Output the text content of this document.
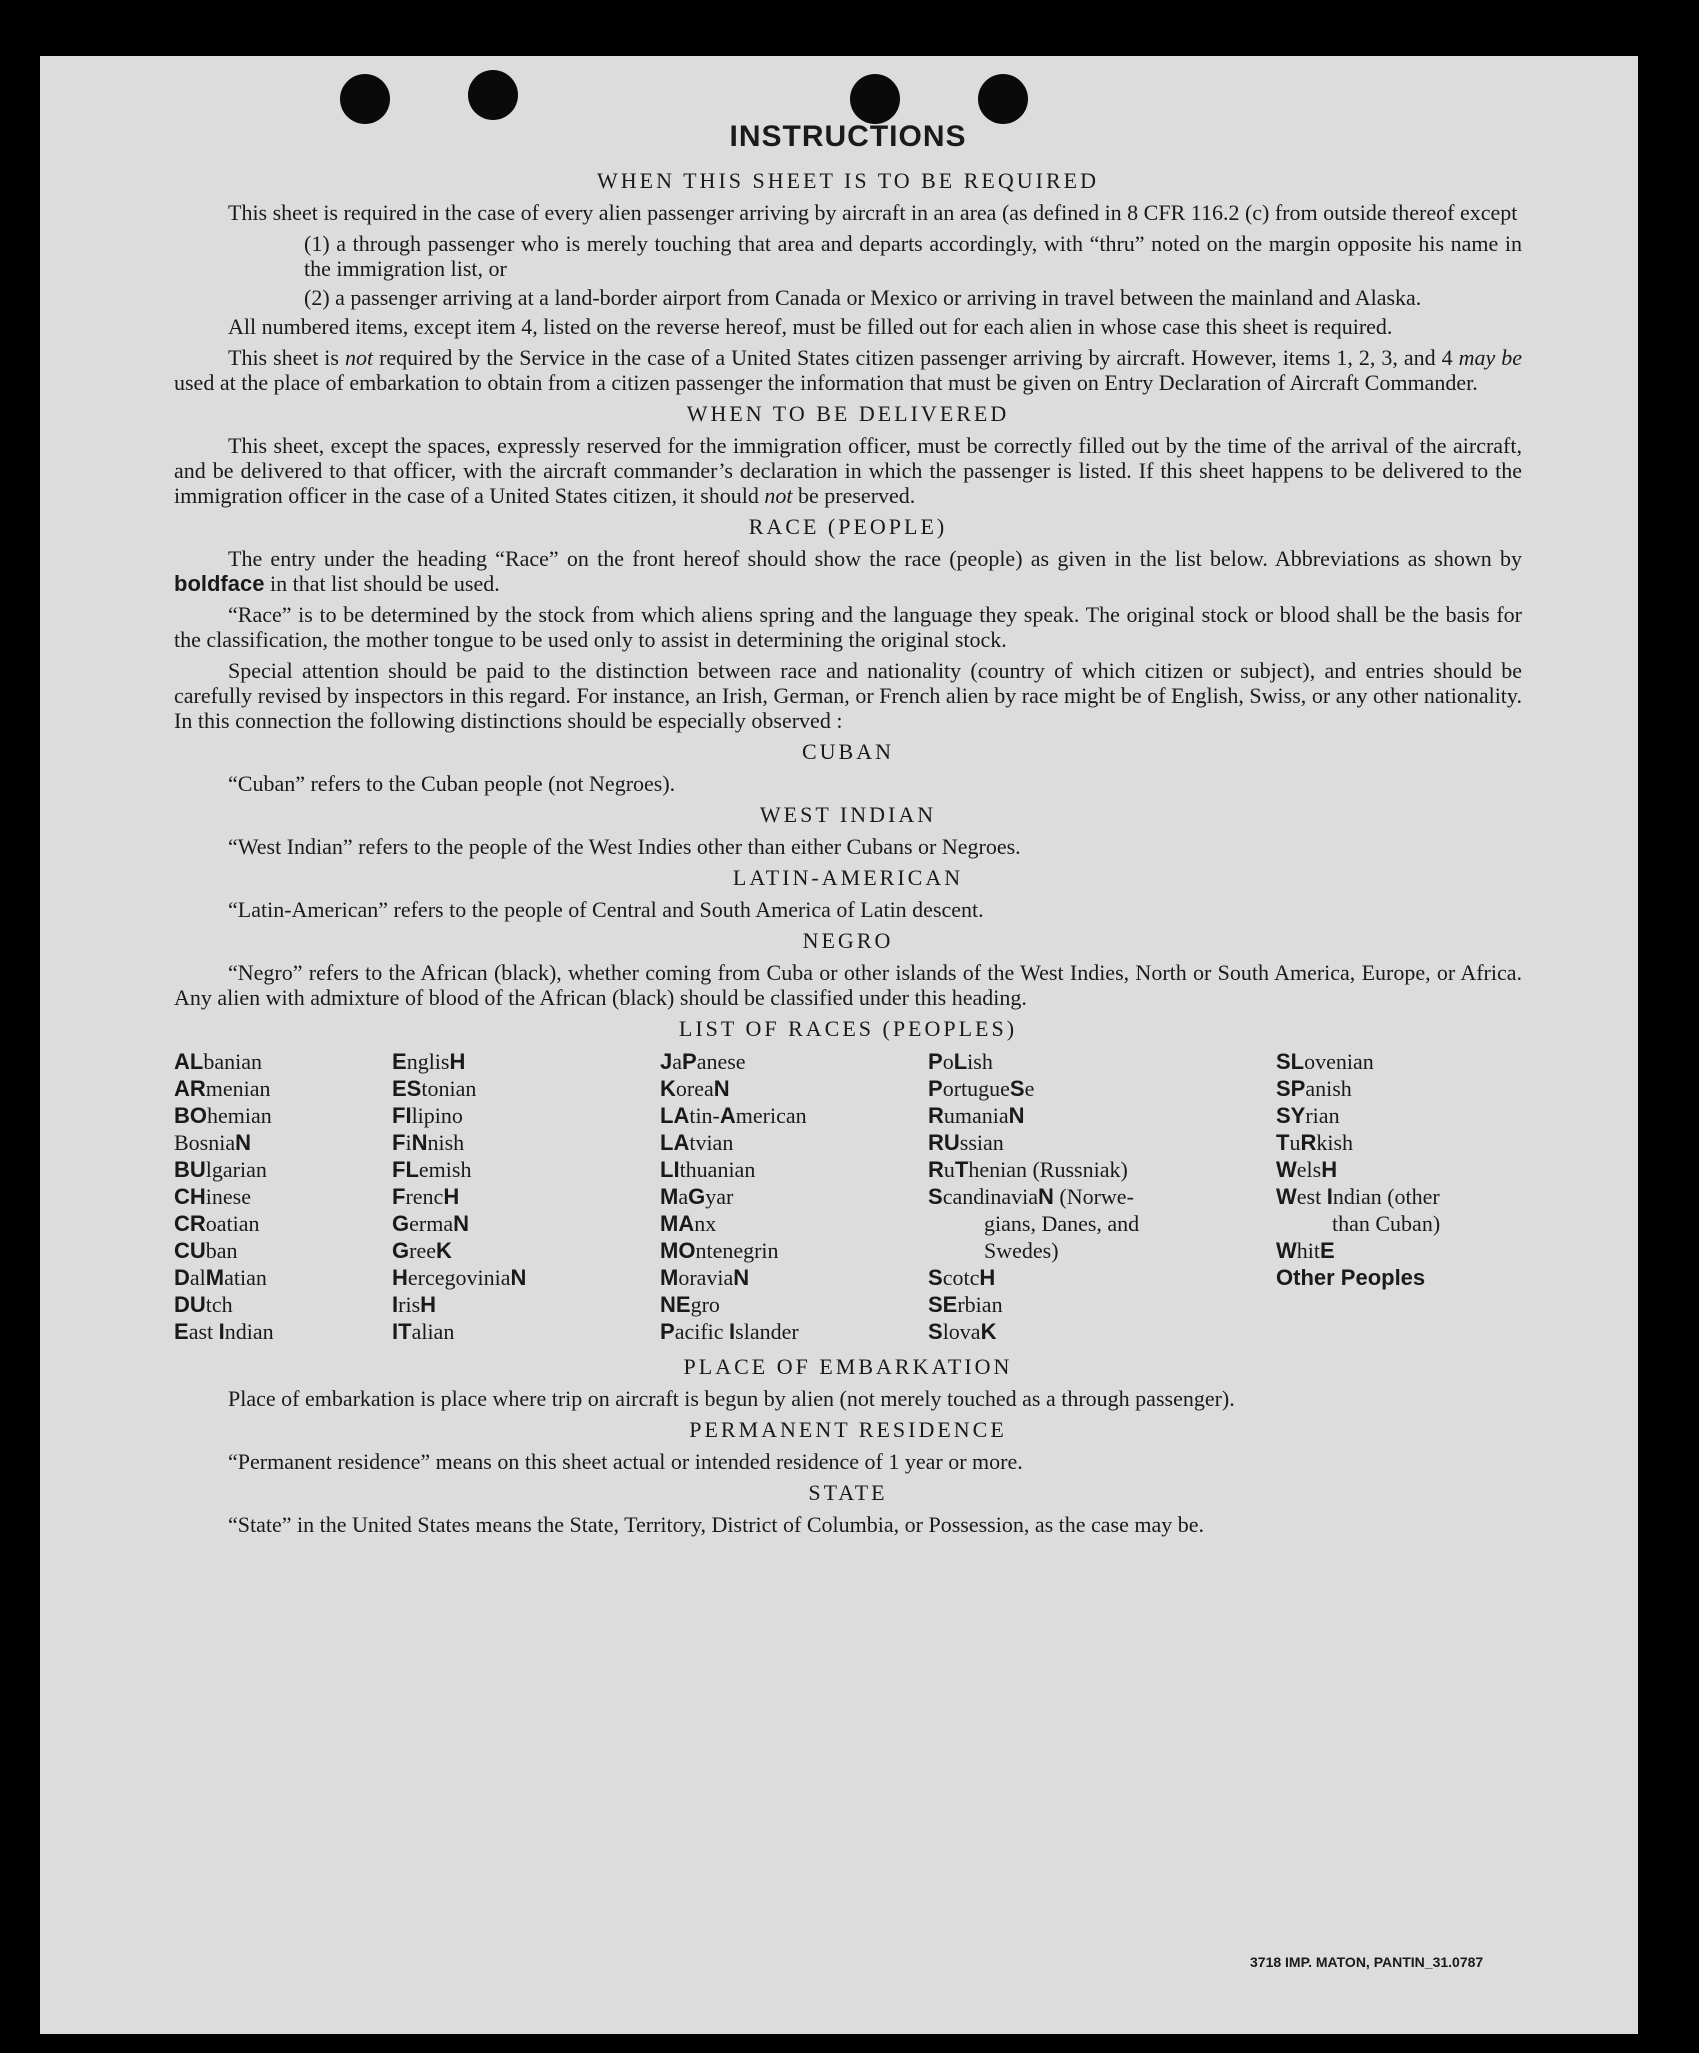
INSTRUCTIONS
WHEN THIS SHEET IS TO BE REQUIRED

This sheet is required in the case of every alien passenger arriving by aircraft in an area (as defined in 8 CFR 116.2 (c) from outside thereof except

(1) a through passenger who is merely touching that area and departs accordingly, with “thru” noted on the margin opposite his name in the immigration list, or

(2) a passenger arriving at a land-border airport from Canada or Mexico or arriving in travel between the mainland and Alaska.

All numbered items, except item 4, listed on the reverse hereof, must be filled out for each alien in whose case this sheet is required.

This sheet is not required by the Service in the case of a United States citizen passenger arriving by aircraft. However, items 1, 2, 3, and 4 may be used at the place of embarkation to obtain from a citizen passenger the information that must be given on Entry Declaration of Aircraft Commander.

WHEN TO BE DELIVERED

This sheet, except the spaces, expressly reserved for the immigration officer, must be correctly filled out by the time of the arrival of the aircraft, and be delivered to that officer, with the aircraft commander’s declaration in which the passenger is listed. If this sheet happens to be delivered to the immigration officer in the case of a United States citizen, it should not be preserved.

RACE (PEOPLE)

The entry under the heading “Race” on the front hereof should show the race (people) as given in the list below. Abbreviations as shown by boldface in that list should be used.

“Race” is to be determined by the stock from which aliens spring and the language they speak. The original stock or blood shall be the basis for the classification, the mother tongue to be used only to assist in determining the original stock.

Special attention should be paid to the distinction between race and nationality (country of which citizen or subject), and entries should be carefully revised by inspectors in this regard. For instance, an Irish, German, or French alien by race might be of English, Swiss, or any other nationality. In this connection the following distinctions should be especially observed :

CUBAN

“Cuban” refers to the Cuban people (not Negroes).

WEST INDIAN

“West Indian” refers to the people of the West Indies other than either Cubans or Negroes.

LATIN-AMERICAN

“Latin-American” refers to the people of Central and South America of Latin descent.

NEGRO

“Negro” refers to the African (black), whether coming from Cuba or other islands of the West Indies, North or South America, Europe, or Africa. Any alien with admixture of blood of the African (black) should be classified under this heading.

LIST OF RACES (PEOPLES)
ALbanian
ARmenian
BOhemian
BosniaN
BUlgarian
CHinese
CRoatian
CUban
DalMatian
DUtch
East Indian
EnglisH
EStonian
FIlipino
FiNnish
FLemish
FrencH
GermaN
GreeK
HercegoviniaN
IrisH
ITalian
JaPanese
KoreaN
LAtin-American
LAtvian
LIthuanian
MaGyar
MAnx
MOntenegrin
MoraviaN
NEgro
Pacific Islander
PoLish
PortugueSe
RumaniaN
RUssian
RuThenian (Russniak)
ScandinaviaN (Norwe-
gians, Danes, and
Swedes)
ScotcH
SErbian
SlovaK
SLovenian
SPanish
SYrian
TuRkish
WelsH
West Indian (other
than Cuban)
WhitE
Other Peoples
PLACE OF EMBARKATION

Place of embarkation is place where trip on aircraft is begun by alien (not merely touched as a through passenger).

PERMANENT RESIDENCE

“Permanent residence” means on this sheet actual or intended residence of 1 year or more.

STATE

“State” in the United States means the State, Territory, District of Columbia, or Possession, as the case may be.

3718 IMP. MATON, PANTIN_31.0787
